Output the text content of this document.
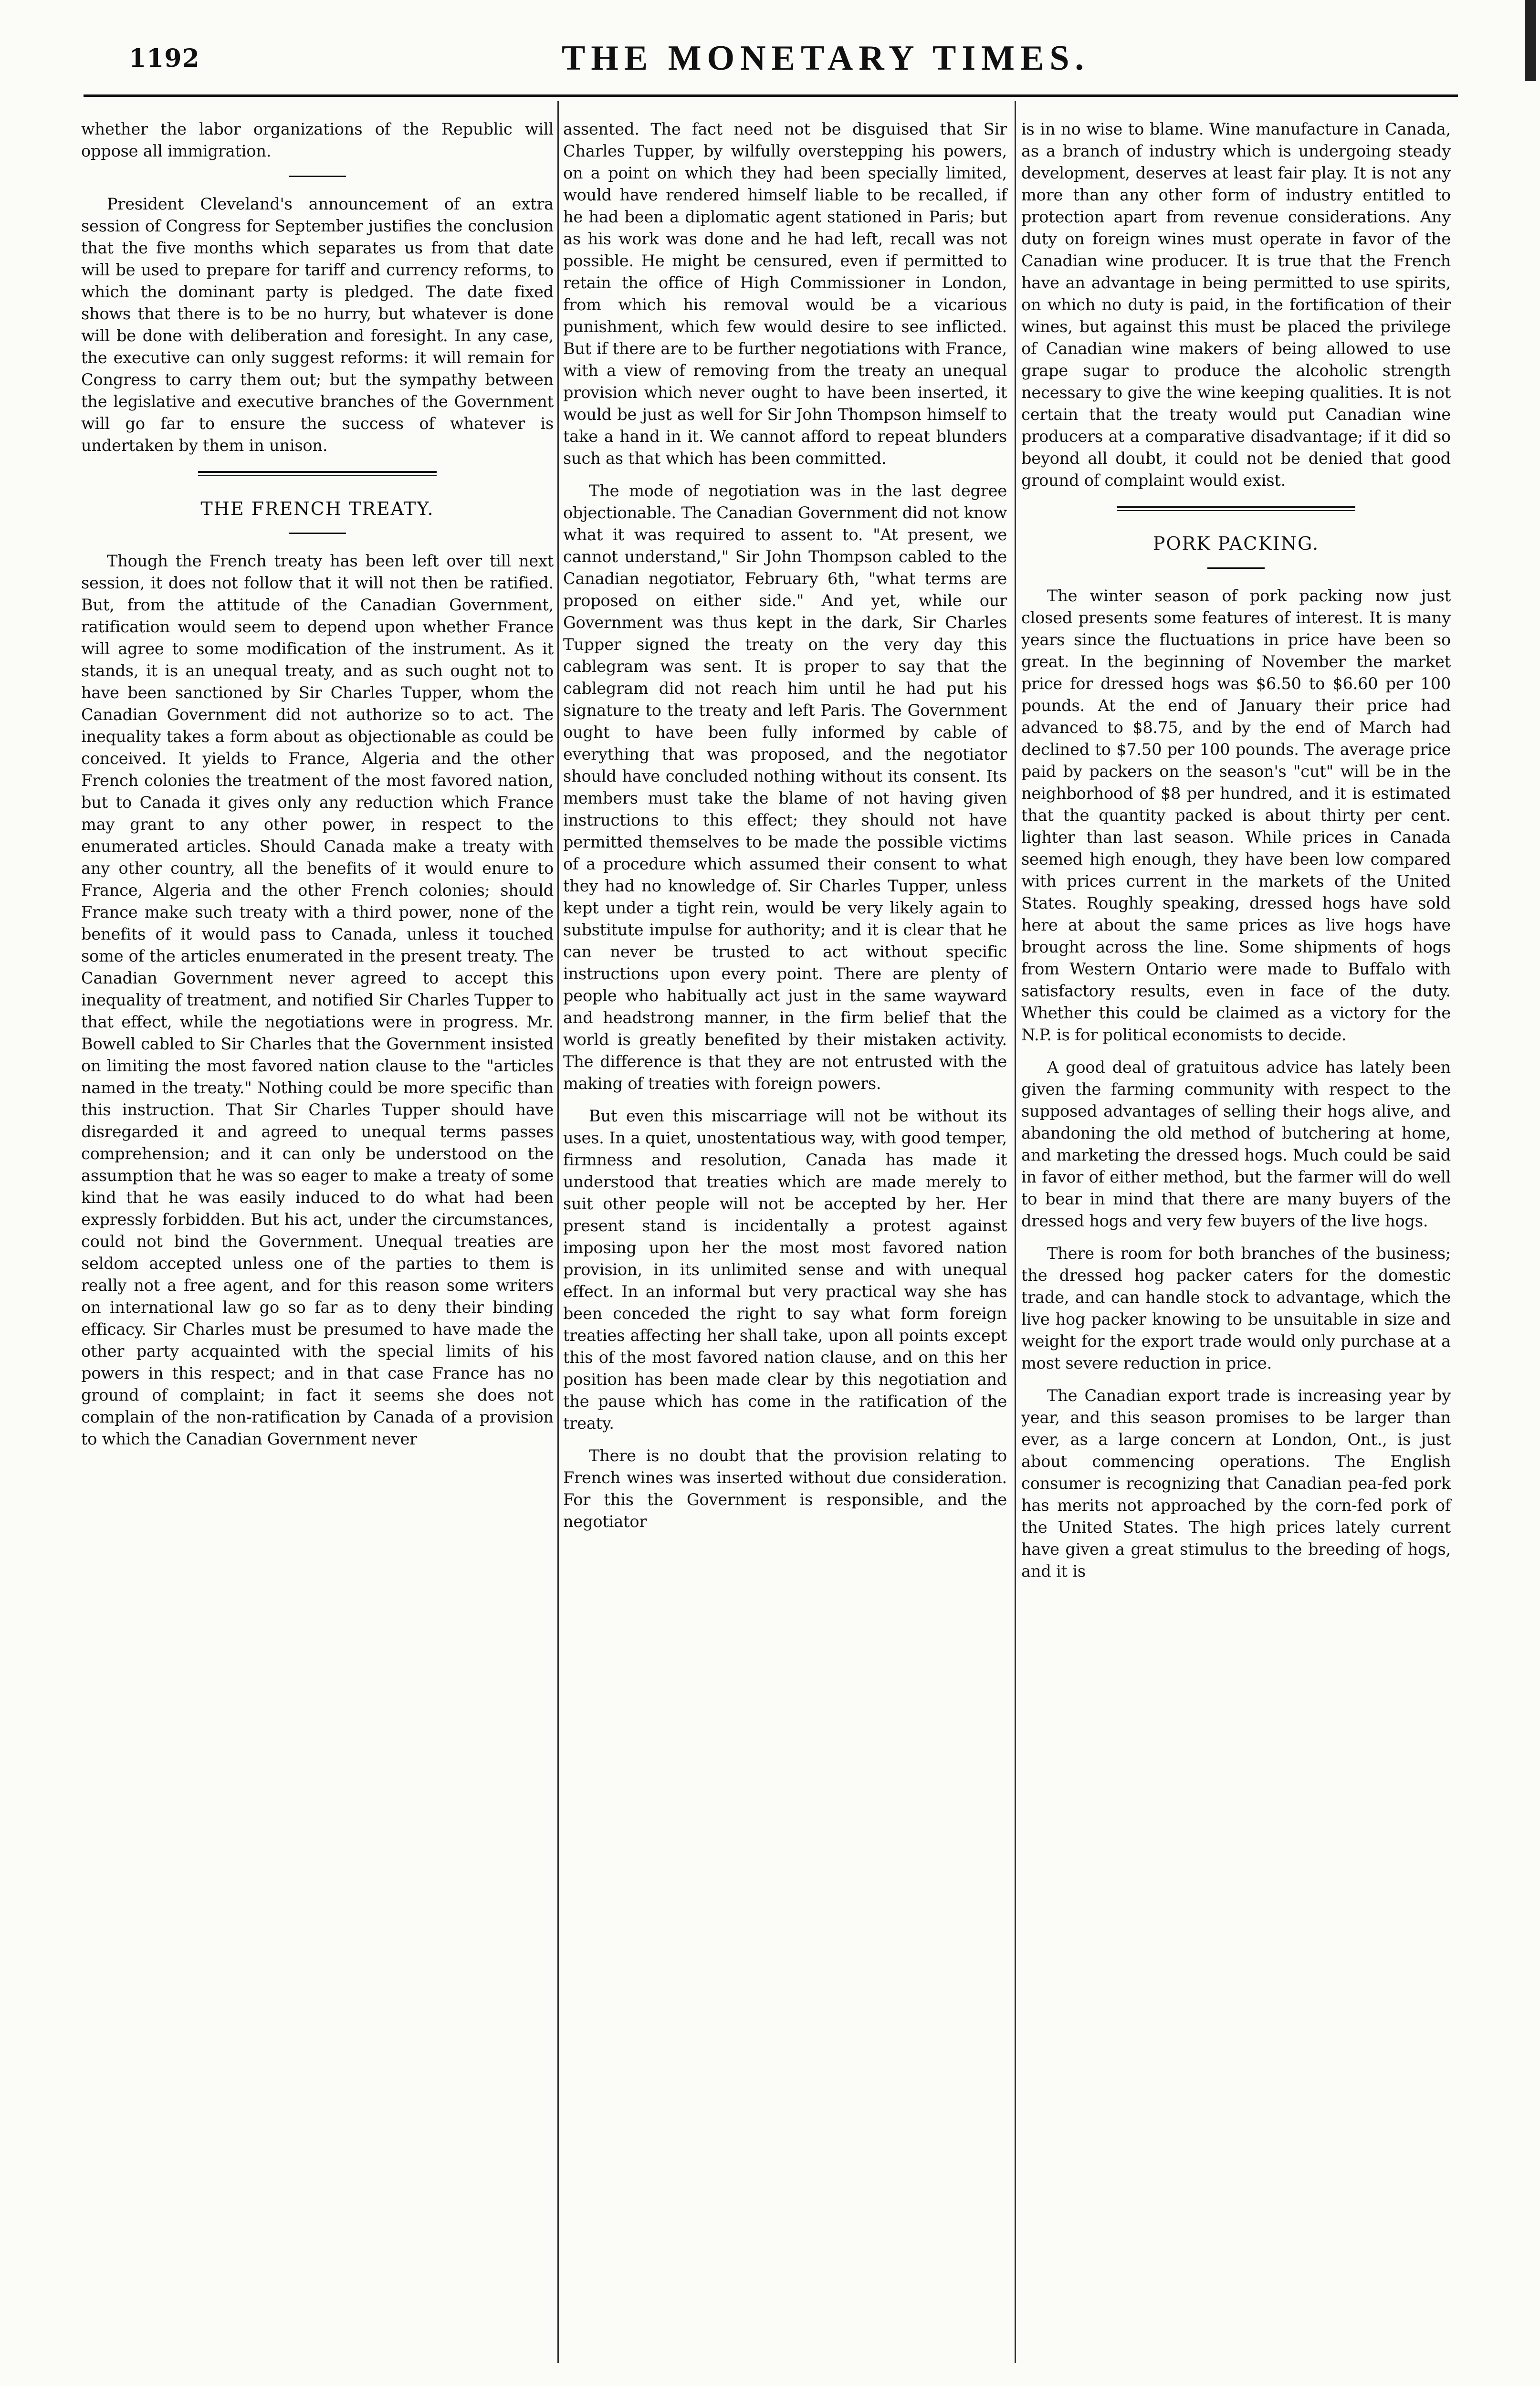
1192	THE MONETARY TIMES.

whether the labor organizations of the Republic will oppose all immigration.

President Cleveland's announcement of an extra session of Congress for September justifies the conclusion that the five months which separates us from that date will be used to prepare for tariff and currency reforms, to which the dominant party is pledged. The date fixed shows that there is to be no hurry, but whatever is done will be done with deliberation and foresight. In any case, the executive can only suggest reforms: it will remain for Congress to carry them out; but the sympathy between the legislative and executive branches of the Government will go far to ensure the success of whatever is undertaken by them in unison.

THE FRENCH TREATY.

Though the French treaty has been left over till next session, it does not follow that it will not then be ratified. But, from the attitude of the Canadian Government, ratification would seem to depend upon whether France will agree to some modification of the instrument. As it stands, it is an unequal treaty, and as such ought not to have been sanctioned by Sir Charles Tupper, whom the Canadian Government did not authorize so to act. The inequality takes a form about as objectionable as could be conceived. It yields to France, Algeria and the other French colonies the treatment of the most favored nation, but to Canada it gives only any reduction which France may grant to any other power, in respect to the enumerated articles. Should Canada make a treaty with any other country, all the benefits of it would enure to France, Algeria and the other French colonies; should France make such treaty with a third power, none of the benefits of it would pass to Canada, unless it touched some of the articles enumerated in the present treaty. The Canadian Government never agreed to accept this inequality of treatment, and notified Sir Charles Tupper to that effect, while the negotiations were in progress. Mr. Bowell cabled to Sir Charles that the Government insisted on limiting the most favored nation clause to the "articles named in the treaty." Nothing could be more specific than this instruction. That Sir Charles Tupper should have disregarded it and agreed to unequal terms passes comprehension; and it can only be understood on the assumption that he was so eager to make a treaty of some kind that he was easily induced to do what had been expressly forbidden. But his act, under the circumstances, could not bind the Government. Unequal treaties are seldom accepted unless one of the parties to them is really not a free agent, and for this reason some writers on international law go so far as to deny their binding efficacy. Sir Charles must be presumed to have made the other party acquainted with the special limits of his powers in this respect; and in that case France has no ground of complaint; in fact it seems she does not complain of the non-ratification by Canada of a provision to which the Canadian Government never

assented. The fact need not be disguised that Sir Charles Tupper, by wilfully overstepping his powers, on a point on which they had been specially limited, would have rendered himself liable to be recalled, if he had been a diplomatic agent stationed in Paris; but as his work was done and he had left, recall was not possible. He might be censured, even if permitted to retain the office of High Commissioner in London, from which his removal would be a vicarious punishment, which few would desire to see inflicted. But if there are to be further negotiations with France, with a view of removing from the treaty an unequal provision which never ought to have been inserted, it would be just as well for Sir John Thompson himself to take a hand in it. We cannot afford to repeat blunders such as that which has been committed.

The mode of negotiation was in the last degree objectionable. The Canadian Government did not know what it was required to assent to. "At present, we cannot understand," Sir John Thompson cabled to the Canadian negotiator, February 6th, "what terms are proposed on either side." And yet, while our Government was thus kept in the dark, Sir Charles Tupper signed the treaty on the very day this cablegram was sent. It is proper to say that the cablegram did not reach him until he had put his signature to the treaty and left Paris. The Government ought to have been fully informed by cable of everything that was proposed, and the negotiator should have concluded nothing without its consent. Its members must take the blame of not having given instructions to this effect; they should not have permitted themselves to be made the possible victims of a procedure which assumed their consent to what they had no knowledge of. Sir Charles Tupper, unless kept under a tight rein, would be very likely again to substitute impulse for authority; and it is clear that he can never be trusted to act without specific instructions upon every point. There are plenty of people who habitually act just in the same wayward and headstrong manner, in the firm belief that the world is greatly benefited by their mistaken activity. The difference is that they are not entrusted with the making of treaties with foreign powers.

But even this miscarriage will not be without its uses. In a quiet, unostentatious way, with good temper, firmness and resolution, Canada has made it understood that treaties which are made merely to suit other people will not be accepted by her. Her present stand is incidentally a protest against imposing upon her the most most favored nation provision, in its unlimited sense and with unequal effect. In an informal but very practical way she has been conceded the right to say what form foreign treaties affecting her shall take, upon all points except this of the most favored nation clause, and on this her position has been made clear by this negotiation and the pause which has come in the ratification of the treaty.

There is no doubt that the provision relating to French wines was inserted without due consideration. For this the Government is responsible, and the negotiator

is in no wise to blame. Wine manufacture in Canada, as a branch of industry which is undergoing steady development, deserves at least fair play. It is not any more than any other form of industry entitled to protection apart from revenue considerations. Any duty on foreign wines must operate in favor of the Canadian wine producer. It is true that the French have an advantage in being permitted to use spirits, on which no duty is paid, in the fortification of their wines, but against this must be placed the privilege of Canadian wine makers of being allowed to use grape sugar to produce the alcoholic strength necessary to give the wine keeping qualities. It is not certain that the treaty would put Canadian wine producers at a comparative disadvantage; if it did so beyond all doubt, it could not be denied that good ground of complaint would exist.

PORK PACKING.

The winter season of pork packing now just closed presents some features of interest. It is many years since the fluctuations in price have been so great. In the beginning of November the market price for dressed hogs was $6.50 to $6.60 per 100 pounds. At the end of January their price had advanced to $8.75, and by the end of March had declined to $7.50 per 100 pounds. The average price paid by packers on the season's "cut" will be in the neighborhood of $8 per hundred, and it is estimated that the quantity packed is about thirty per cent. lighter than last season. While prices in Canada seemed high enough, they have been low compared with prices current in the markets of the United States. Roughly speaking, dressed hogs have sold here at about the same prices as live hogs have brought across the line. Some shipments of hogs from Western Ontario were made to Buffalo with satisfactory results, even in face of the duty. Whether this could be claimed as a victory for the N.P. is for political economists to decide.

A good deal of gratuitous advice has lately been given the farming community with respect to the supposed advantages of selling their hogs alive, and abandoning the old method of butchering at home, and marketing the dressed hogs. Much could be said in favor of either method, but the farmer will do well to bear in mind that there are many buyers of the dressed hogs and very few buyers of the live hogs.

There is room for both branches of the business; the dressed hog packer caters for the domestic trade, and can handle stock to advantage, which the live hog packer knowing to be unsuitable in size and weight for the export trade would only purchase at a most severe reduction in price.

The Canadian export trade is increasing year by year, and this season promises to be larger than ever, as a large concern at London, Ont., is just about commencing operations. The English consumer is recognizing that Canadian pea-fed pork has merits not approached by the corn-fed pork of the United States. The high prices lately current have given a great stimulus to the breeding of hogs, and it is
